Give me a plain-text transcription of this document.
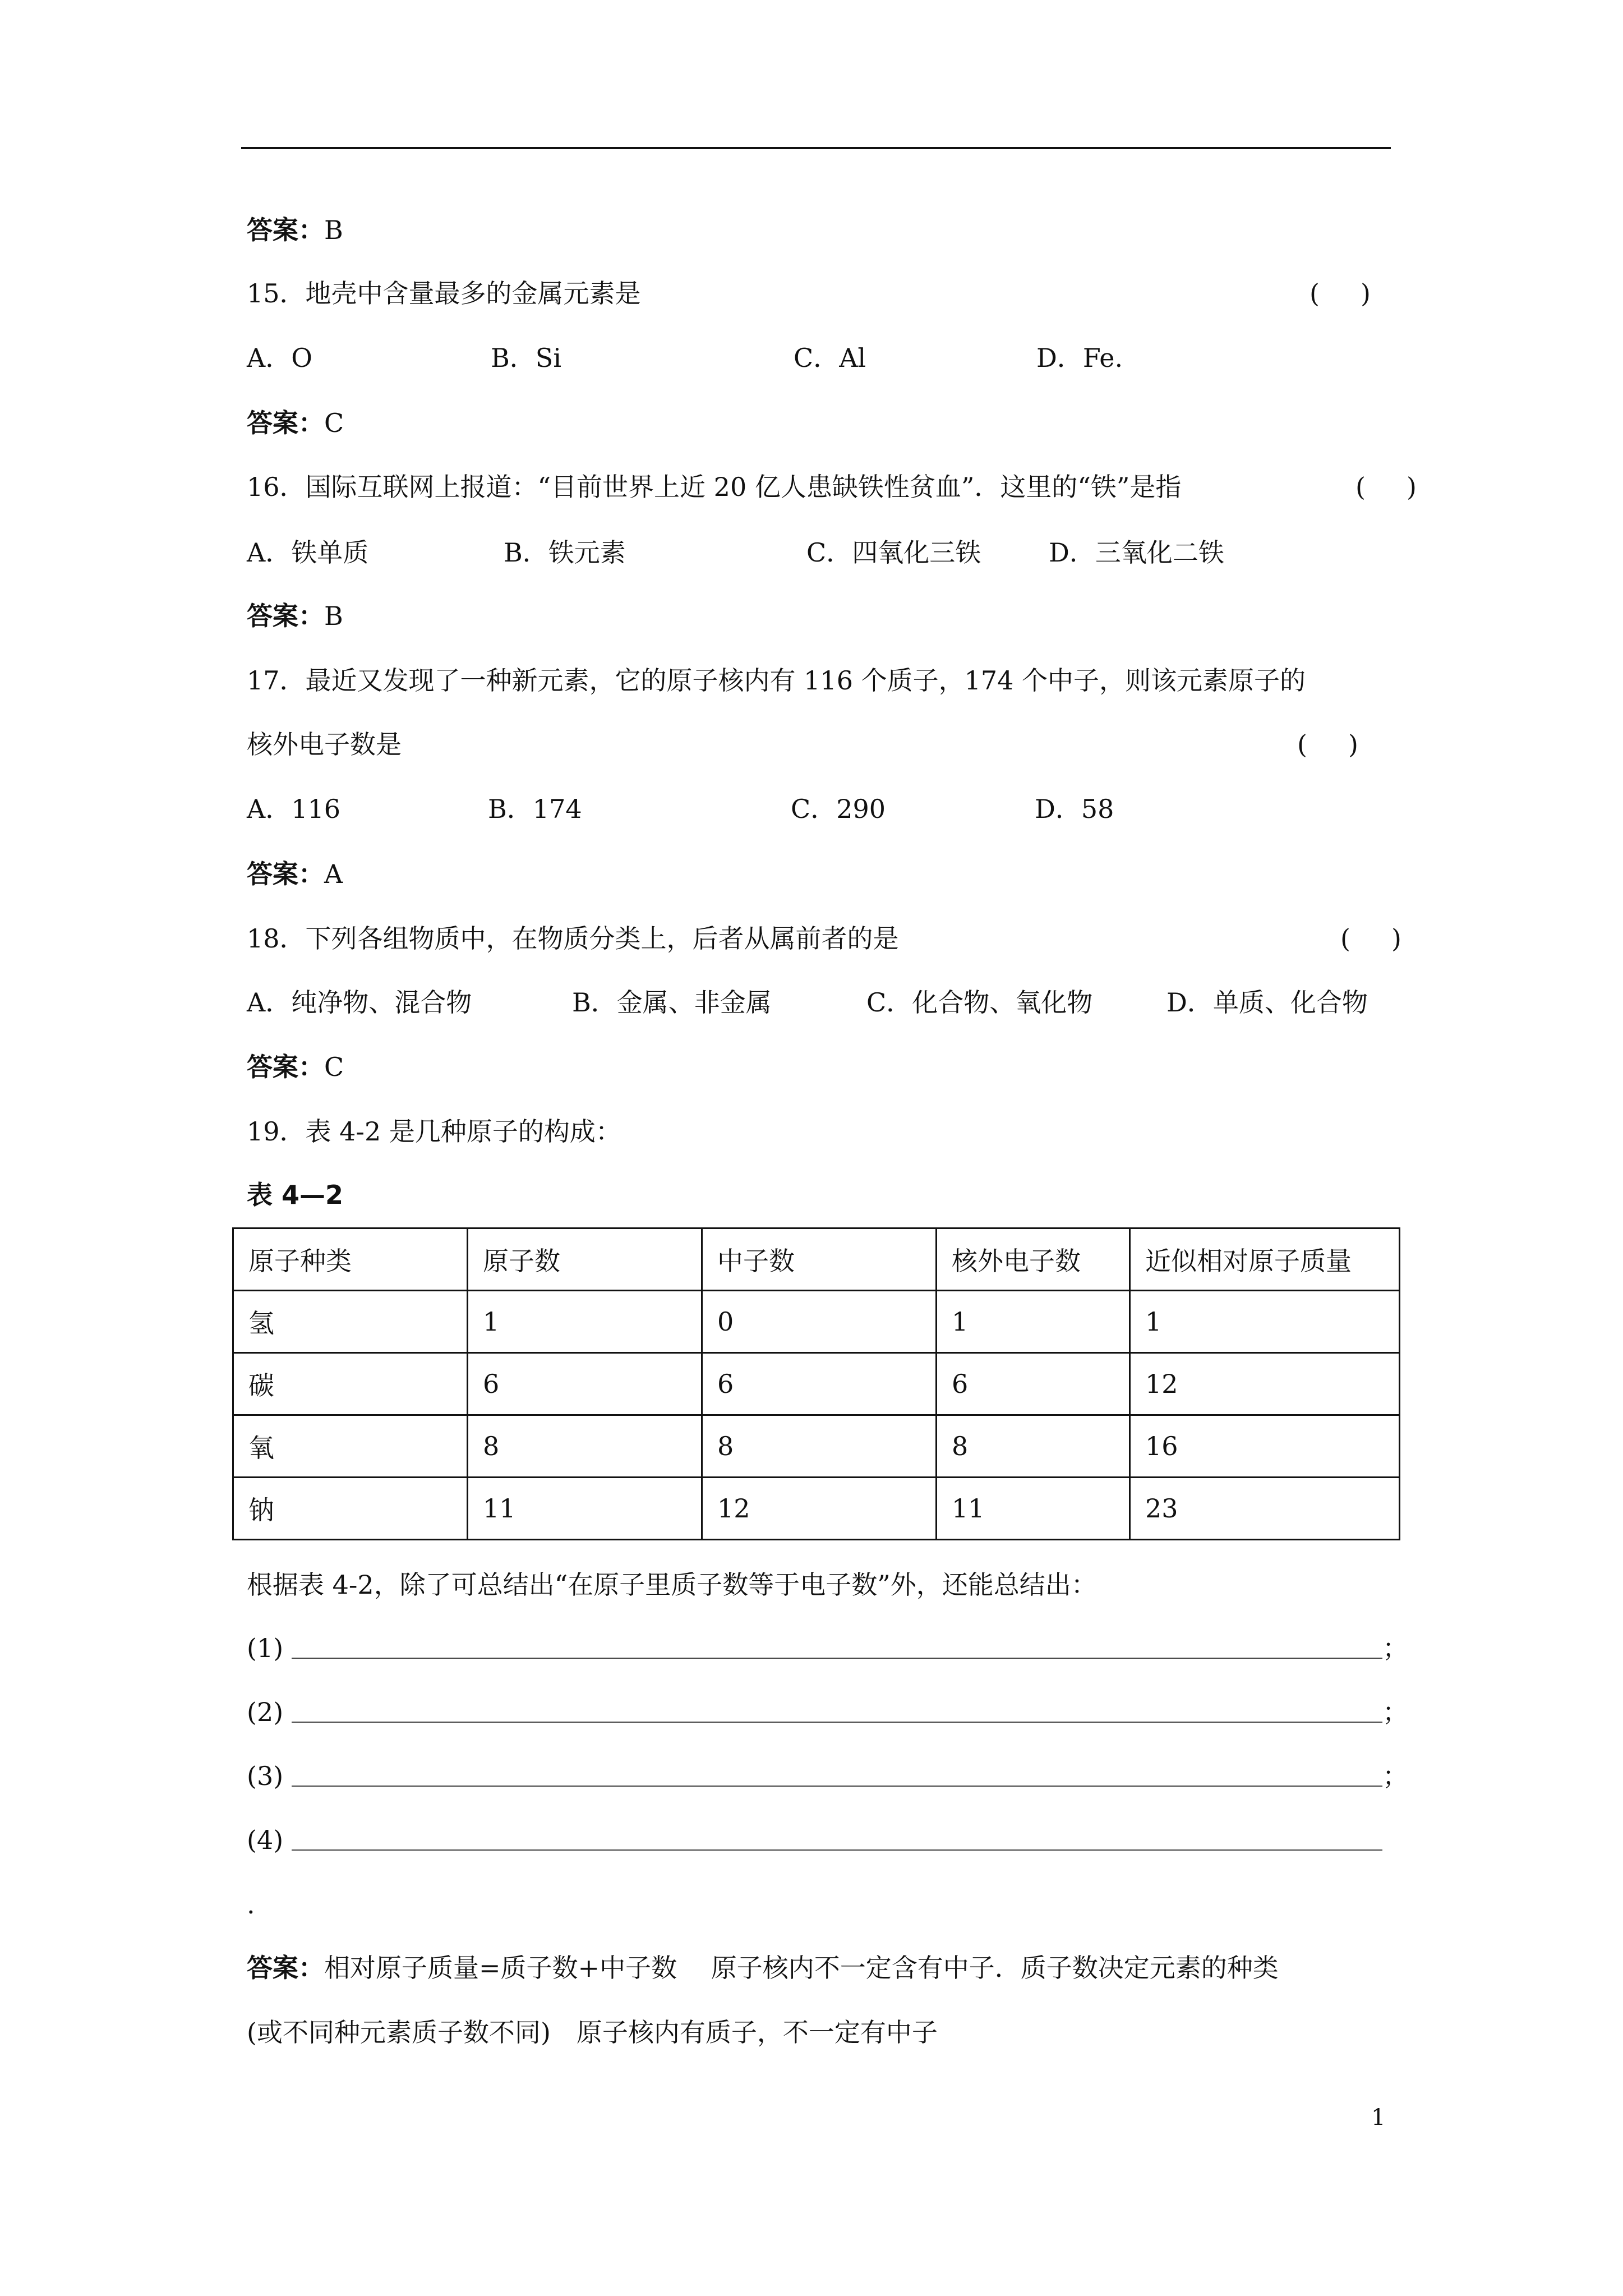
答案：B
15．地壳中含量最多的金属元素是	(     )
A．O	B．Si	C．Al	D．Fe.
答案：C
16．国际互联网上报道：“目前世界上近 20 亿人患缺铁性贫血”．这里的“铁”是指	(     )
A．铁单质	B．铁元素	C．四氧化三铁	D．三氧化二铁
答案：B
17．最近又发现了一种新元素，它的原子核内有 116 个质子，174 个中子，则该元素原子的
核外电子数是	(     )
A．116	B．174	C．290	D．58
答案：A
18．下列各组物质中，在物质分类上，后者从属前者的是	(     )
A．纯净物、混合物	B．金属、非金属	C．化合物、氧化物	D．单质、化合物
答案：C
19．表 4-2 是几种原子的构成：
表 4—2
原子种类	原子数	中子数	核外电子数	近似相对原子质量
氢	1	0	1	1
碳	6	6	6	12
氧	8	8	8	16
钠	11	12	11	23
根据表 4-2，除了可总结出“在原子里质子数等于电子数”外，还能总结出：
(1)	；
(2)	；
(3)	；
(4)
.
答案：相对原子质量=质子数+中子数　 原子核内不一定含有中子．质子数决定元素的种类
(或不同种元素质子数不同)　原子核内有质子，不一定有中子
1
